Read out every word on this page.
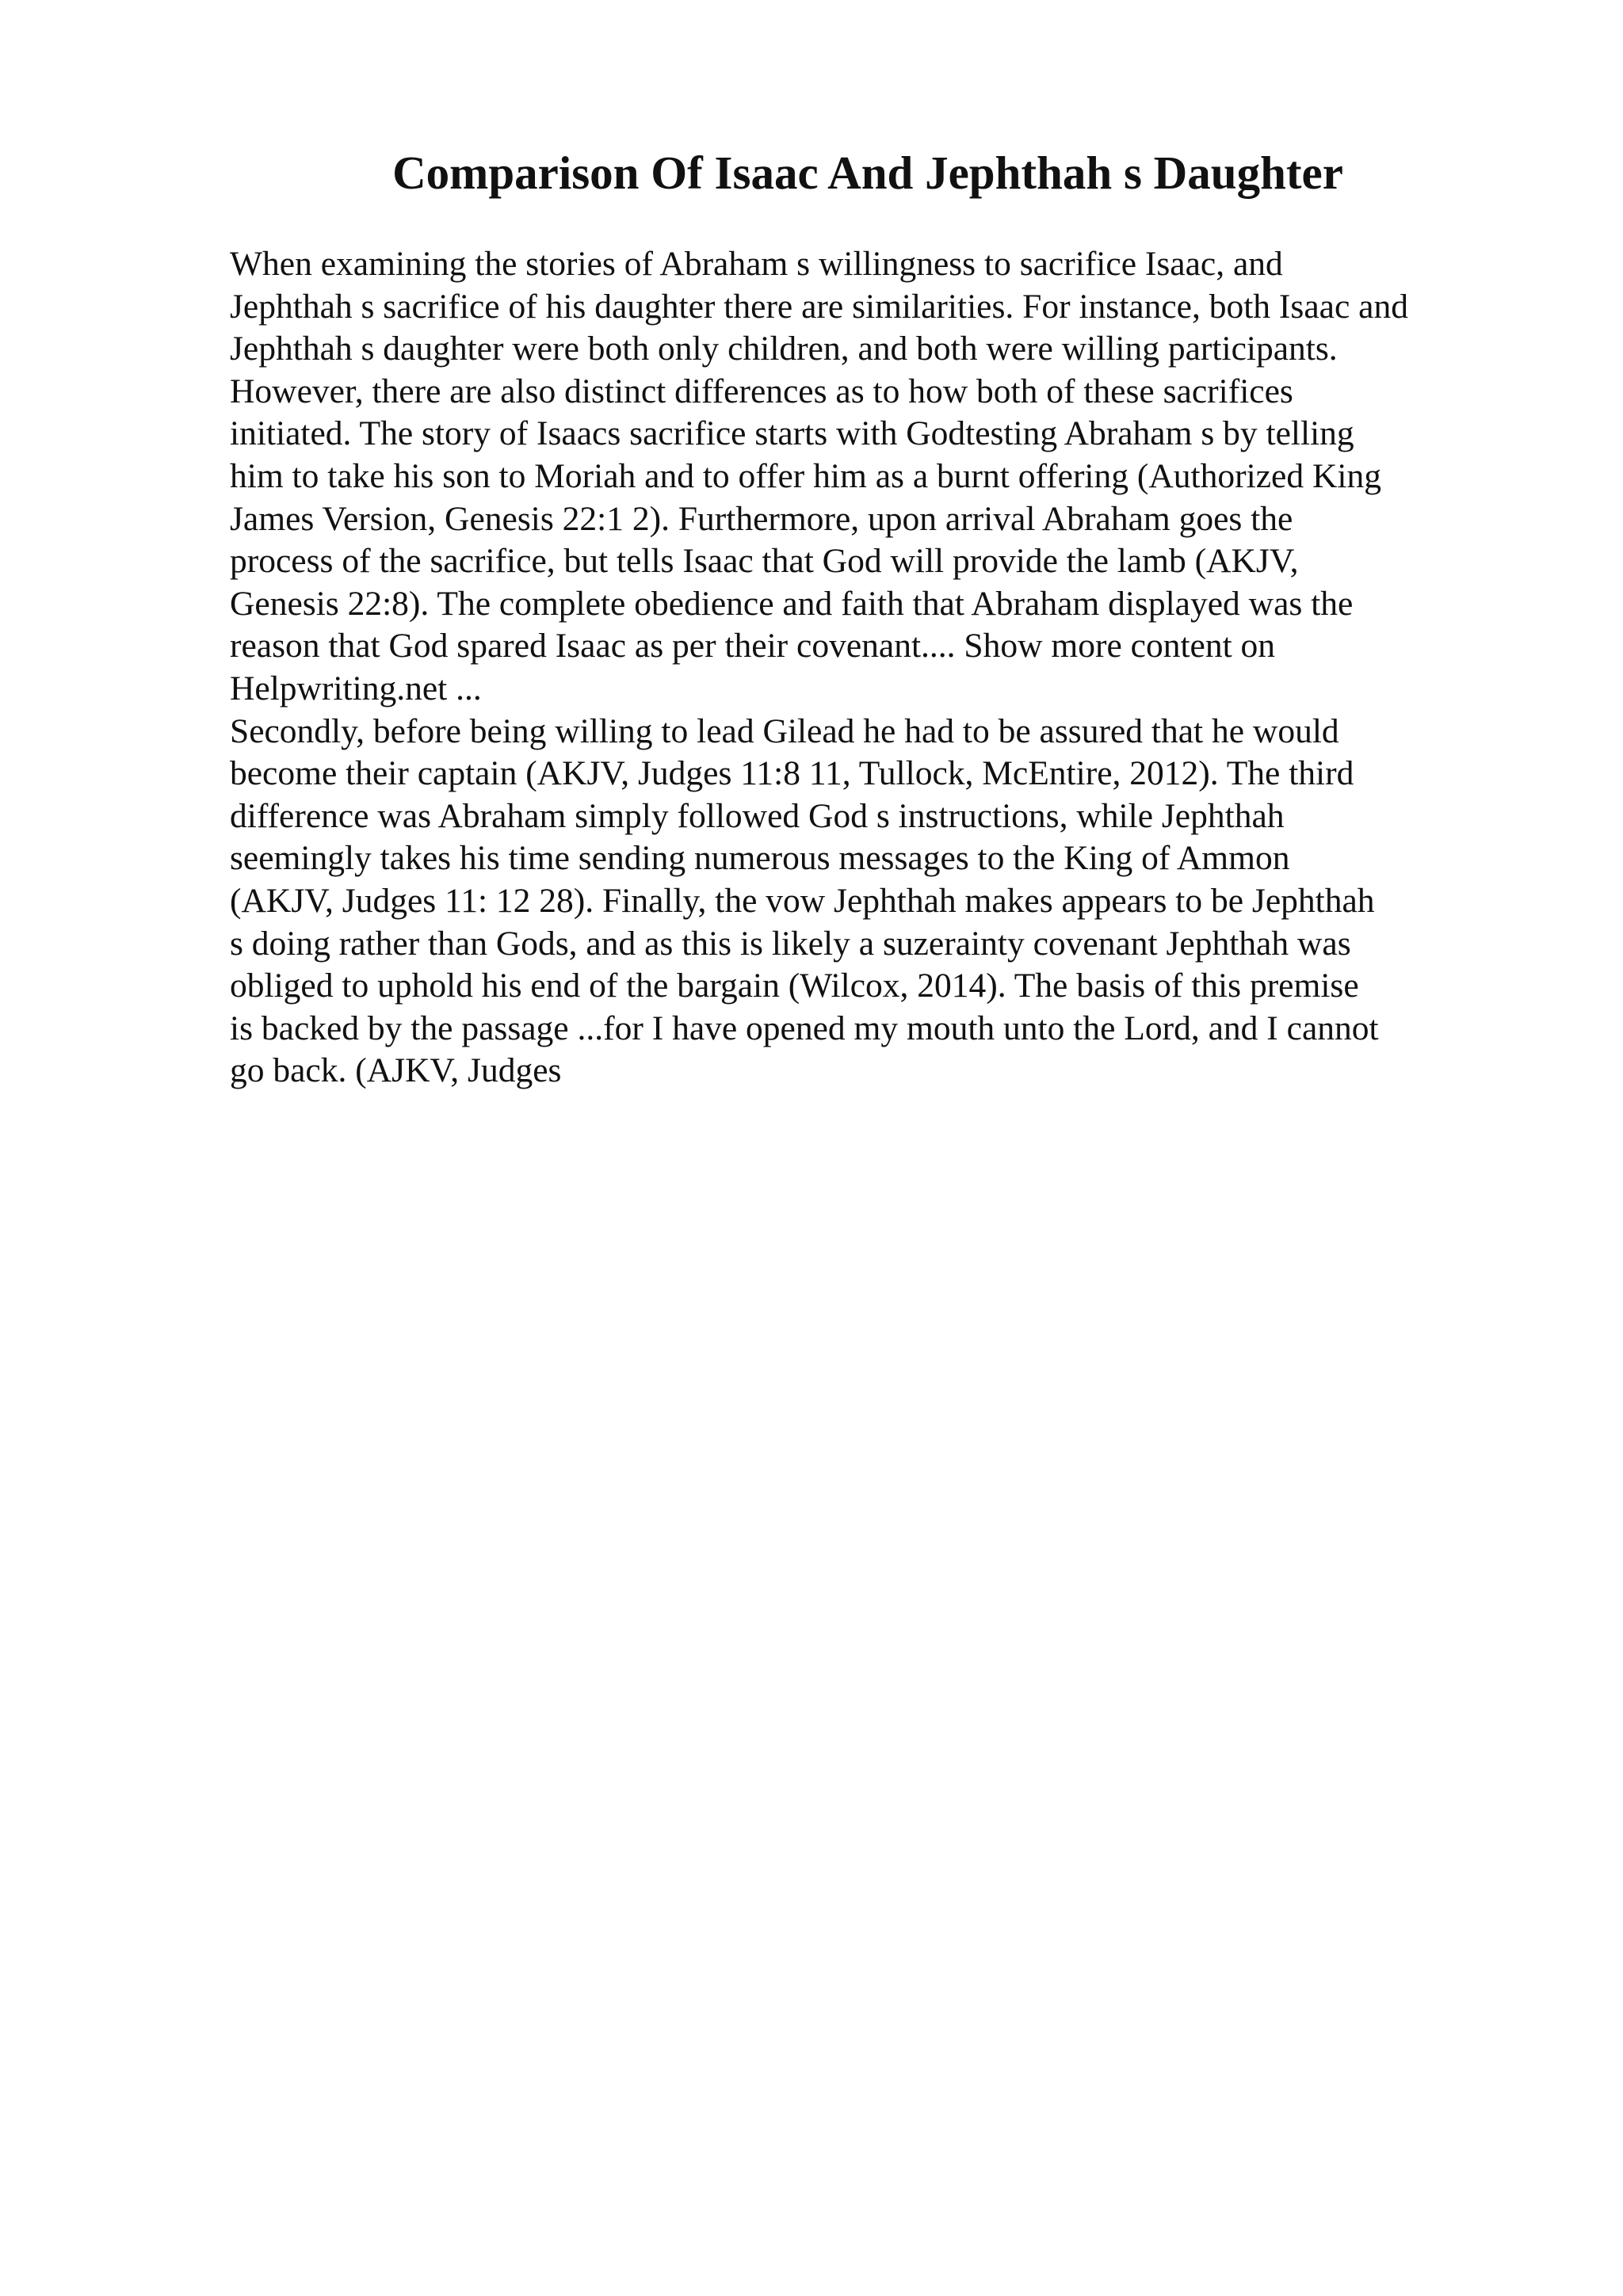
Comparison Of Isaac And Jephthah s Daughter

When examining the stories of Abraham s willingness to sacrifice Isaac, and
Jephthah s sacrifice of his daughter there are similarities. For instance, both Isaac and
Jephthah s daughter were both only children, and both were willing participants.
However, there are also distinct differences as to how both of these sacrifices
initiated. The story of Isaacs sacrifice starts with Godtesting Abraham s by telling
him to take his son to Moriah and to offer him as a burnt offering (Authorized King
James Version, Genesis 22:1 2). Furthermore, upon arrival Abraham goes the
process of the sacrifice, but tells Isaac that God will provide the lamb (AKJV,
Genesis 22:8). The complete obedience and faith that Abraham displayed was the
reason that God spared Isaac as per their covenant.... Show more content on
Helpwriting.net ...

Secondly, before being willing to lead Gilead he had to be assured that he would
become their captain (AKJV, Judges 11:8 11, Tullock, McEntire, 2012). The third
difference was Abraham simply followed God s instructions, while Jephthah
seemingly takes his time sending numerous messages to the King of Ammon
(AKJV, Judges 11: 12 28). Finally, the vow Jephthah makes appears to be Jephthah
s doing rather than Gods, and as this is likely a suzerainty covenant Jephthah was
obliged to uphold his end of the bargain (Wilcox, 2014). The basis of this premise
is backed by the passage ...for I have opened my mouth unto the Lord, and I cannot
go back. (AJKV, Judges
